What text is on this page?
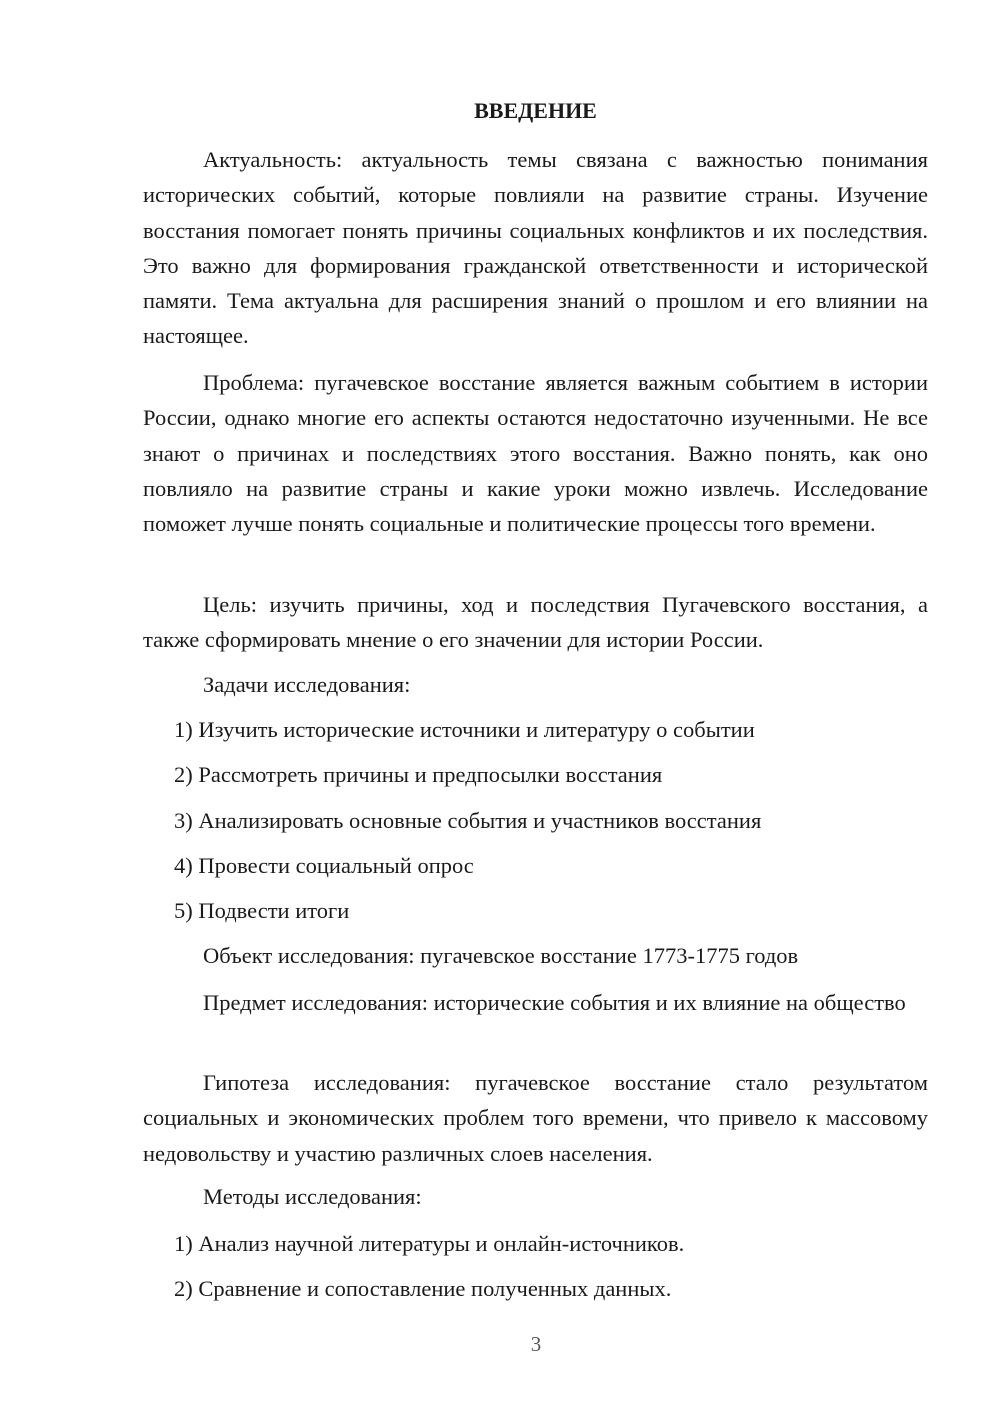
ВВЕДЕНИЕ

Актуальность: актуальность темы связана с важностью понимания исторических событий, которые повлияли на развитие страны. Изучение восстания помогает понять причины социальных конфликтов и их последствия. Это важно для формирования гражданской ответственности и исторической памяти. Тема актуальна для расширения знаний о прошлом и его влиянии на настоящее.

Проблема: пугачевское восстание является важным событием в истории России, однако многие его аспекты остаются недостаточно изученными. Не все знают о причинах и последствиях этого восстания. Важно понять, как оно повлияло на развитие страны и какие уроки можно извлечь. Исследование поможет лучше понять социальные и политические процессы того времени.

Цель: изучить причины, ход и последствия Пугачевского восстания, а также сформировать мнение о его значении для истории России.

Задачи исследования:

1) Изучить исторические источники и литературу о событии

2) Рассмотреть причины и предпосылки восстания

3) Анализировать основные события и участников восстания

4) Провести социальный опрос

5) Подвести итоги

Объект исследования: пугачевское восстание 1773-1775 годов

Предмет исследования: исторические события и их влияние на общество

Гипотеза исследования: пугачевское восстание стало результатом социальных и экономических проблем того времени, что привело к массовому недовольству и участию различных слоев населения.

Методы исследования:

1) Анализ научной литературы и онлайн-источников.

2) Сравнение и сопоставление полученных данных.

3
